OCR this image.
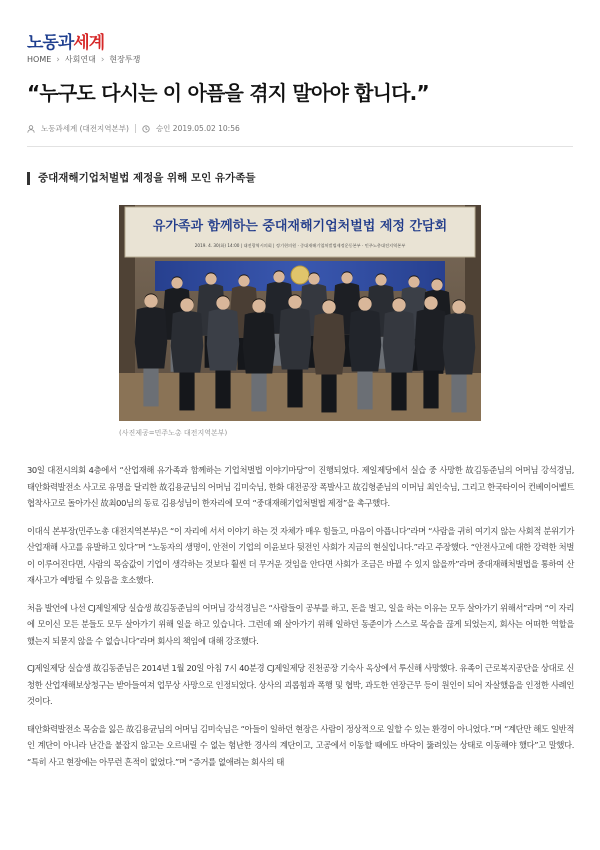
노동과세계
HOME › 사회연대 › 현장투쟁
“누구도 다시는 이 아픔을 겪지 말아야 합니다.”
노동과세계 (대전지역본부)	승인 2019.05.02 10:56
중대재해기업처벌법 제정을 위해 모인 유가족들
유가족과 함께하는 중대재해기업처벌법 제정 간담회
2019. 4. 30(화) 14:00 | 대전광역시의회 | 정기현의원 · 중대재해기업처벌법제정운동본부 · 민주노총대전지역본부
(사진제공=민주노총 대전지역본부)

30일 대전시의회 4층에서 “산업재해 유가족과 함께하는 기업처벌법 이야기마당”이 진행되었다. 제일제당에서 실습 중 사망한 故김동준님의 어머님 강석경님, 태안화력발전소 사고로 유명을 달리한 故김용균님의 어머님 김미숙님, 한화 대전공장 폭발사고 故김형준님의 이머님 최인숙님, 그리고 한국타이어 컨베이어벨트 협착사고로 돌아가신 故최00님의 동료 김용성님이 한자리에 모여 “중대재해기업처벌법 제정”을 촉구했다.

이대식 본부장(민주노총 대전지역본부)은 “이 자리에 서서 이야기 하는 것 자체가 매우 힘들고, 마음이 아픕니다”라며 “사람을 귀히 여기지 않는 사회적 분위기가 산업재해 사고를 유발하고 있다”며 “노동자의 생명이, 안전이 기업의 이윤보다 뒷전인 사회가 지금의 현실입니다.”라고 주장했다. “안전사고에 대한 강력한 처벌이 이루어진다면, 사람의 목숨값이 기업이 생각하는 것보다 훨씬 더 무거운 것임을 안다면 사회가 조금은 바뀔 수 있지 않을까”라며 중대재해처벌법을 통하여 산재사고가 예방될 수 있음을 호소했다.

처음 발언에 나선 CJ제일제당 실습생 故김동준님의 어머님 강석경님은 “사람들이 공부를 하고, 돈을 벌고, 일을 하는 이유는 모두 살아가기 위해서”라며 “이 자리에 모이신 모든 분들도 모두 살아가기 위해 일을 하고 있습니다. 그런데 왜 살아가기 위해 일하던 동준이가 스스로 목숨을 끊게 되었는지, 회사는 어떠한 역할을 했는지 되묻지 않을 수 없습니다”라며 회사의 책임에 대해 강조했다.

CJ제일제당 실습생 故김동준님은 2014년 1월 20일 아침 7시 40분경 CJ제일제당 진천공장 기숙사 옥상에서 투신해 사망했다. 유족이 근로복지공단을 상대로 신청한 산업재해보상청구는 받아들여져 업무상 사망으로 인정되었다. 상사의 괴롭힘과 폭행 및 협박, 과도한 연장근무 등이 원인이 되어 자살했음을 인정한 사례인 것이다.

태안화력발전소 목숨을 잃은 故김용균님의 어머님 김미숙님은 “아들이 일하던 현장은 사람이 정상적으로 일할 수 있는 환경이 아니었다.”며 “계단만 해도 일반적인 계단이 아니라 난간을 붙잡지 않고는 오르내릴 수 없는 험난한 경사의 계단이고, 고공에서 이동할 때에도 바닥이 뚫려있는 상태로 이동해야 했다”고 말했다. “특히 사고 현장에는 아무런 흔적이 없었다.”며 “증거를 없애려는 회사의 태
